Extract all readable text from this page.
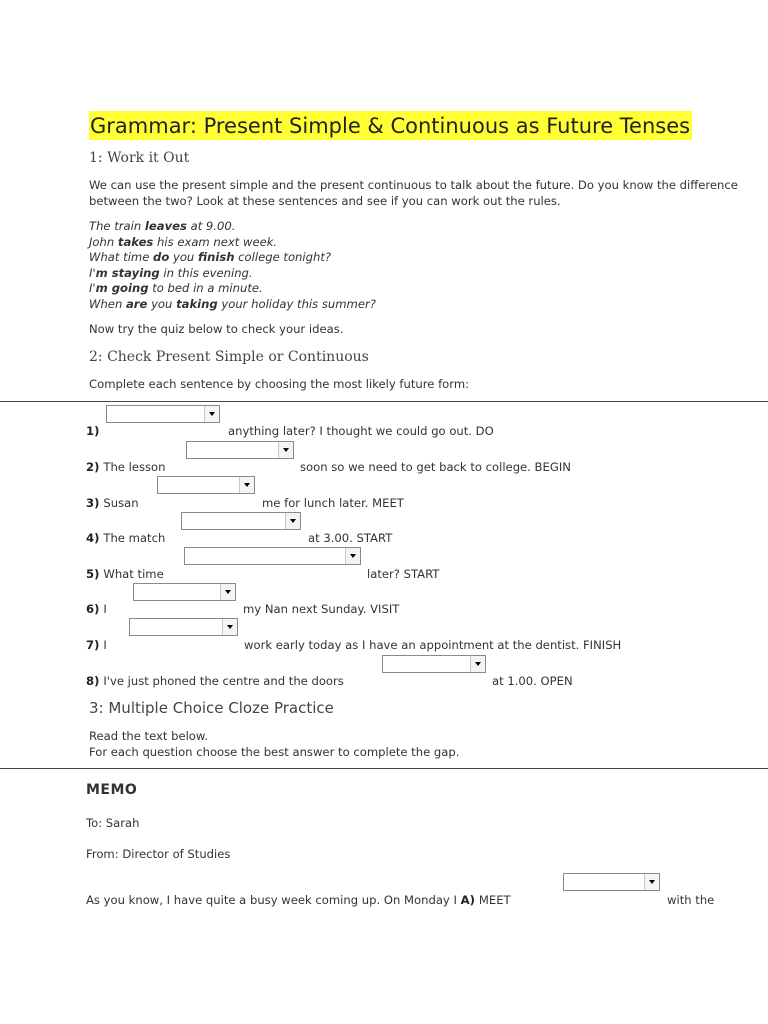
Grammar: Present Simple & Continuous as Future Tenses
1: Work it Out
We can use the present simple and the present continuous to talk about the future. Do you know the difference between the two? Look at these sentences and see if you can work out the rules.
The train leaves at 9.00.
John takes his exam next week.
What time do you finish college tonight?
I'm staying in this evening.
I'm going to bed in a minute.
When are you taking your holiday this summer?
Now try the quiz below to check your ideas.
2: Check Present Simple or Continuous
Complete each sentence by choosing the most likely future form:
1)	anything later? I thought we could go out. DO
2) The lesson	soon so we need to get back to college. BEGIN
3) Susan	me for lunch later. MEET
4) The match	at 3.00. START
5) What time	later? START
6) I	my Nan next Sunday. VISIT
7) I	work early today as I have an appointment at the dentist. FINISH
8) I've just phoned the centre and the doors	at 1.00. OPEN
3: Multiple Choice Cloze Practice
Read the text below.
For each question choose the best answer to complete the gap.
MEMO
To: Sarah
From: Director of Studies
As you know, I have quite a busy week coming up. On Monday I A) MEET	with the
